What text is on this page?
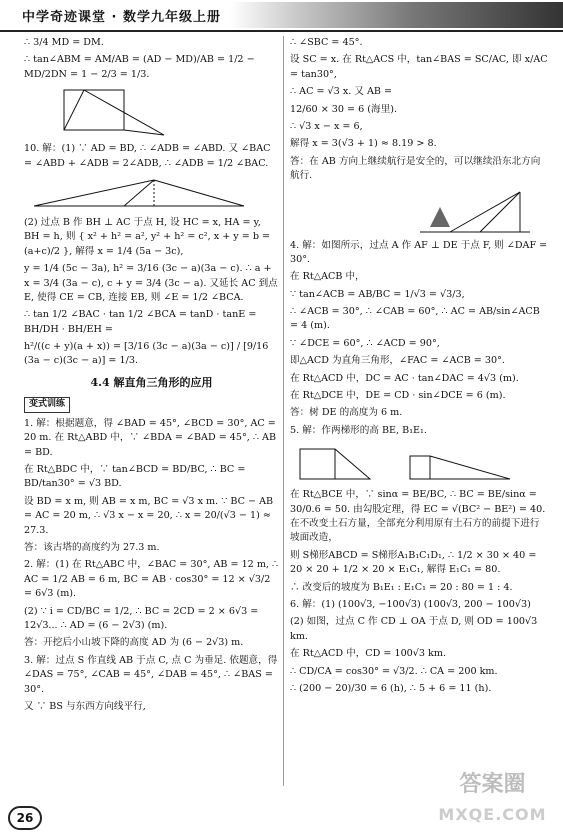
中学奇迹课堂 · 数学九年级上册

∴ 3/4 MD = DM.

∴ tan∠ABM = AM/AB = (AD − MD)/AB = 1/2 − MD/2DN = 1 − 2/3 = 1/3.

10. 解：(1) ∵ AD = BD, ∴ ∠ADB = ∠ABD. 又 ∠BAC = ∠ABD + ∠ADB = 2∠ADB, ∴ ∠ADB = 1/2 ∠BAC.

(2) 过点 B 作 BH ⊥ AC 于点 H, 设 HC = x, HA = y, BH = h, 则 { x² + h² = a², y² + h² = c², x + y = b = (a+c)/2 }, 解得 x = 1/4 (5a − 3c),

y = 1/4 (5c − 3a), h² = 3/16 (3c − a)(3a − c). ∴ a + x = 3/4 (3a − c), c + y = 3/4 (3c − a). 又延长 AC 到点 E, 使得 CE = CB, 连接 EB, 则 ∠E = 1/2 ∠BCA.

∴ tan 1/2 ∠BAC · tan 1/2 ∠BCA = tanD · tanE = BH/DH · BH/EH =

h²/((c + y)(a + x)) = [3/16 (3c − a)(3a − c)] / [9/16 (3a − c)(3c − a)] = 1/3.

4.4 解直角三角形的应用
变式训练

1. 解：根据题意，得 ∠BAD = 45°, ∠BCD = 30°, AC = 20 m. 在 Rt△ABD 中，∵ ∠BDA = ∠BAD = 45°, ∴ AB = BD.

在 Rt△BDC 中，∵ tan∠BCD = BD/BC, ∴ BC = BD/tan30° = √3 BD.

设 BD = x m, 则 AB = x m, BC = √3 x m. ∵ BC − AB = AC = 20 m, ∴ √3 x − x = 20, ∴ x = 20/(√3 − 1) ≈ 27.3.

答：该古塔的高度约为 27.3 m.

2. 解：(1) 在 Rt△ABC 中，∠BAC = 30°, AB = 12 m, ∴ AC = 1/2 AB = 6 m, BC = AB · cos30° = 12 × √3/2 = 6√3 (m).

(2) ∵ i = CD/BC = 1/2, ∴ BC = 2CD = 2 × 6√3 = 12√3... ∴ AD = (6 − 2√3) (m).

答：开挖后小山坡下降的高度 AD 为 (6 − 2√3) m.

3. 解：过点 S 作直线 AB 于点 C, 点 C 为垂足. 依题意，得 ∠DAS = 75°, ∠CAB = 45°, ∠DAB = 45°, ∴ ∠BAS = 30°.

又 ∵ BS 与东西方向线平行,

∴ ∠SBC = 45°.

设 SC = x. 在 Rt△ACS 中，tan∠BAS = SC/AC, 即 x/AC = tan30°,

∴ AC = √3 x. 又 AB =

12/60 × 30 = 6 (海里).

∴ √3 x − x = 6,

解得 x = 3(√3 + 1) ≈ 8.19 > 8.

答：在 AB 方向上继续航行是安全的，可以继续沿东北方向航行.

4. 解：如图所示，过点 A 作 AF ⊥ DE 于点 F, 则 ∠DAF = 30°.

在 Rt△ACB 中，

∵ tan∠ACB = AB/BC = 1/√3 = √3/3,

∴ ∠ACB = 30°, ∴ ∠CAB = 60°, ∴ AC = AB/sin∠ACB = 4 (m).

∵ ∠DCE = 60°, ∴ ∠ACD = 90°,

即△ACD 为直角三角形，∠FAC = ∠ACB = 30°.

在 Rt△ACD 中，DC = AC · tan∠DAC = 4√3 (m).

在 Rt△DCE 中，DE = CD · sin∠DCE = 6 (m).

答：树 DE 的高度为 6 m.

5. 解：作两梯形的高 BE, B₁E₁.

在 Rt△BCE 中，∵ sinα = BE/BC, ∴ BC = BE/sinα = 30/0.6 = 50. 由勾股定理，得 EC = √(BC² − BE²) = 40. 在不改变土石方量，全部充分利用原有土石方的前提下进行坡面改造，

则 S梯形ABCD = S梯形A₁B₁C₁D₁, ∴ 1/2 × 30 × 40 = 20 × 20 + 1/2 × 20 × E₁C₁, 解得 E₁C₁ = 80.

∴ 改变后的坡度为 B₁E₁ : E₁C₁ = 20 : 80 = 1 : 4.

6. 解：(1) (100√3, −100√3) (100√3, 200 − 100√3)

(2) 如图，过点 C 作 CD ⊥ OA 于点 D, 则 OD = 100√3 km.

在 Rt△ACD 中，CD = 100√3 km.

∴ CD/CA = cos30° = √3/2. ∴ CA = 200 km.

∴ (200 − 20)/30 = 6 (h), ∴ 5 + 6 = 11 (h).

26
答案圈
MXQE.COM
